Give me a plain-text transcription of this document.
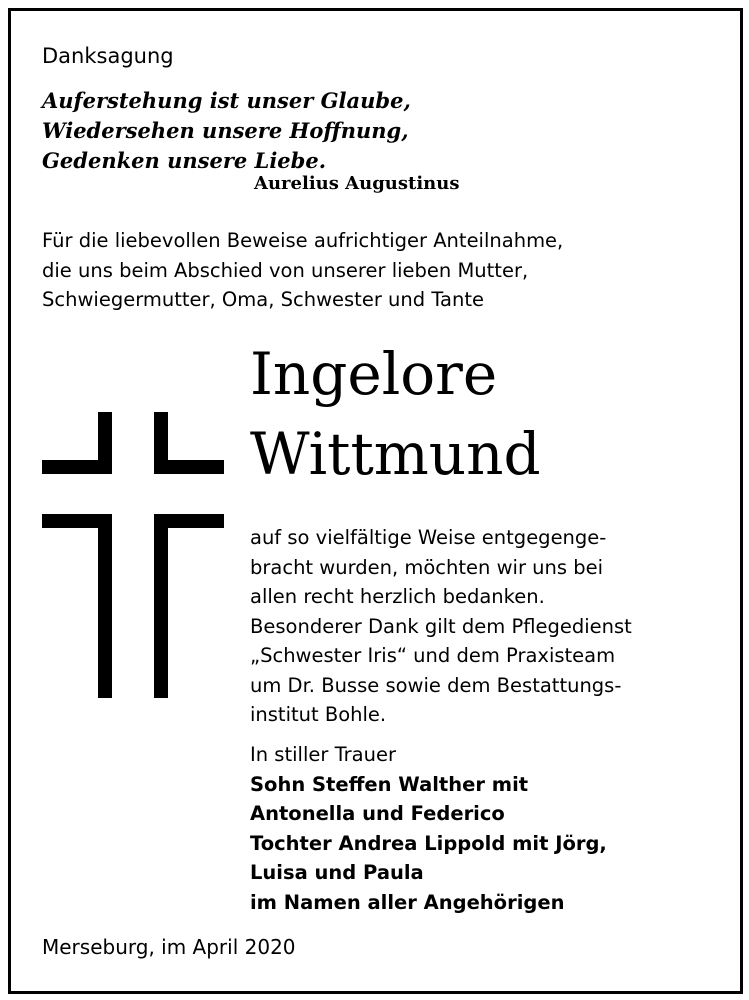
Danksagung

Auferstehung ist unser Glaube,
Wiedersehen unsere Hoffnung,
Gedenken unsere Liebe.

Aurelius Augustinus

Für die liebevollen Beweise aufrichtiger Anteilnahme,
die uns beim Abschied von unserer lieben Mutter,
Schwiegermutter, Oma, Schwester und Tante

Ingelore

Wittmund

auf so vielfältige Weise entgegenge-
bracht wurden, möchten wir uns bei
allen recht herzlich bedanken.
Besonderer Dank gilt dem Pflegedienst
„Schwester Iris“ und dem Praxisteam
um Dr. Busse sowie dem Bestattungs-
institut Bohle.
In stiller Trauer
Sohn Steffen Walther mit
Antonella und Federico
Tochter Andrea Lippold mit Jörg,
Luisa und Paula
im Namen aller Angehörigen

Merseburg, im April 2020
